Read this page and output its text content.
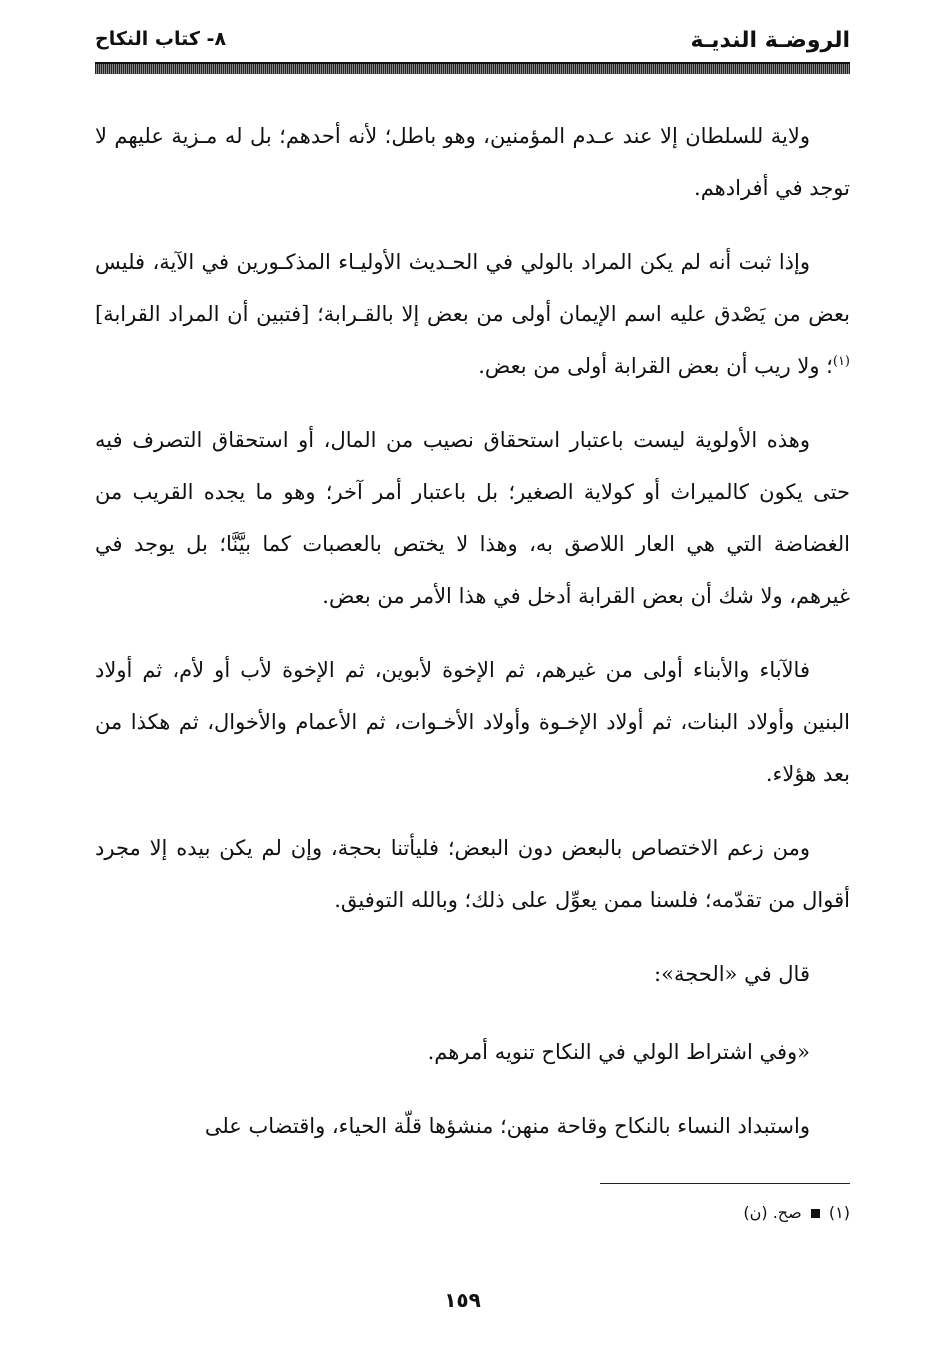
الروضـة النديـة
٨- كتاب النكاح

ولاية للسلطان إلا عند عـدم المؤمنين، وهو باطل؛ لأنه أحدهم؛ بل له مـزية عليهم لا توجد في أفرادهم.

وإذا ثبت أنه لم يكن المراد بالولي في الحـديث الأوليـاء المذكـورين في الآية، فليس بعض من يَصْدق عليه اسم الإيمان أولى من بعض إلا بالقـرابة؛ [فتبين أن المراد القرابة]$^{(١)}$؛ ولا ريب أن بعض القرابة أولى من بعض.

وهذه الأولوية ليست باعتبار استحقاق نصيب من المال، أو استحقاق التصرف فيه حتى يكون كالميراث أو كولاية الصغير؛ بل باعتبار أمر آخر؛ وهو ما يجده القريب من الغضاضة التي هي العار اللاصق به، وهذا لا يختص بالعصبات كما بيَّنَّا؛ بل يوجد في غيرهم، ولا شك أن بعض القرابة أدخل في هذا الأمر من بعض.

فالآباء والأبناء أولى من غيرهم، ثم الإخوة لأبوين، ثم الإخوة لأب أو لأم، ثم أولاد البنين وأولاد البنات، ثم أولاد الإخـوة وأولاد الأخـوات، ثم الأعمام والأخوال، ثم هكذا من بعد هؤلاء.

ومن زعم الاختصاص بالبعض دون البعض؛ فليأتنا بحجة، وإن لم يكن بيده إلا مجرد أقوال من تقدّمه؛ فلسنا ممن يعوِّل على ذلك؛ وبالله التوفيق.

قال في «الحجة»:

«وفي اشتراط الولي في النكاح تنويه أمرهم.

واستبداد النساء بالنكاح وقاحة منهن؛ منشؤها قلّة الحياء، واقتضاب على

(١)  صح. (ن)
١٥٩
